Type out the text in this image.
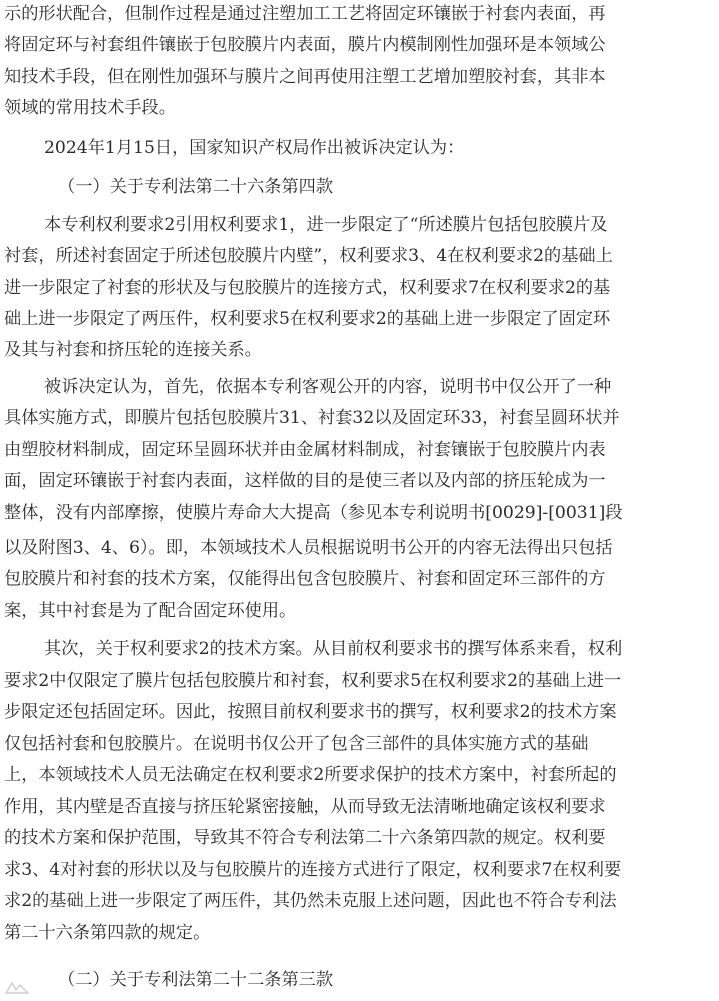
示的形状配合，但制作过程是通过注塑加工工艺将固定环镶嵌于衬套内表面，再
将固定环与衬套组件镶嵌于包胶膜片内表面，膜片内模制刚性加强环是本领域公
知技术手段，但在刚性加强环与膜片之间再使用注塑工艺增加塑胶衬套，其非本
领域的常用技术手段。
2024年1月15日，国家知识产权局作出被诉决定认为：
（一）关于专利法第二十六条第四款
本专利权利要求2引用权利要求1，进一步限定了“所述膜片包括包胶膜片及
衬套，所述衬套固定于所述包胶膜片内壁”，权利要求3、4在权利要求2的基础上
进一步限定了衬套的形状及与包胶膜片的连接方式，权利要求7在权利要求2的基
础上进一步限定了两压件，权利要求5在权利要求2的基础上进一步限定了固定环
及其与衬套和挤压轮的连接关系。
被诉决定认为，首先，依据本专利客观公开的内容，说明书中仅公开了一种
具体实施方式，即膜片包括包胶膜片31、衬套32以及固定环33，衬套呈圆环状并
由塑胶材料制成，固定环呈圆环状并由金属材料制成，衬套镶嵌于包胶膜片内表
面，固定环镶嵌于衬套内表面，这样做的目的是使三者以及内部的挤压轮成为一
整体，没有内部摩擦，使膜片寿命大大提高（参见本专利说明书[0029]-[0031]段
以及附图3、4、6）。即，本领域技术人员根据说明书公开的内容无法得出只包括
包胶膜片和衬套的技术方案，仅能得出包含包胶膜片、衬套和固定环三部件的方
案，其中衬套是为了配合固定环使用。
其次，关于权利要求2的技术方案。从目前权利要求书的撰写体系来看，权利
要求2中仅限定了膜片包括包胶膜片和衬套，权利要求5在权利要求2的基础上进一
步限定还包括固定环。因此，按照目前权利要求书的撰写，权利要求2的技术方案
仅包括衬套和包胶膜片。在说明书仅公开了包含三部件的具体实施方式的基础
上，本领域技术人员无法确定在权利要求2所要求保护的技术方案中，衬套所起的
作用，其内壁是否直接与挤压轮紧密接触，从而导致无法清晰地确定该权利要求
的技术方案和保护范围，导致其不符合专利法第二十六条第四款的规定。权利要
求3、4对衬套的形状以及与包胶膜片的连接方式进行了限定，权利要求7在权利要
求2的基础上进一步限定了两压件，其仍然未克服上述问题，因此也不符合专利法
第二十六条第四款的规定。
（二）关于专利法第二十二条第三款
